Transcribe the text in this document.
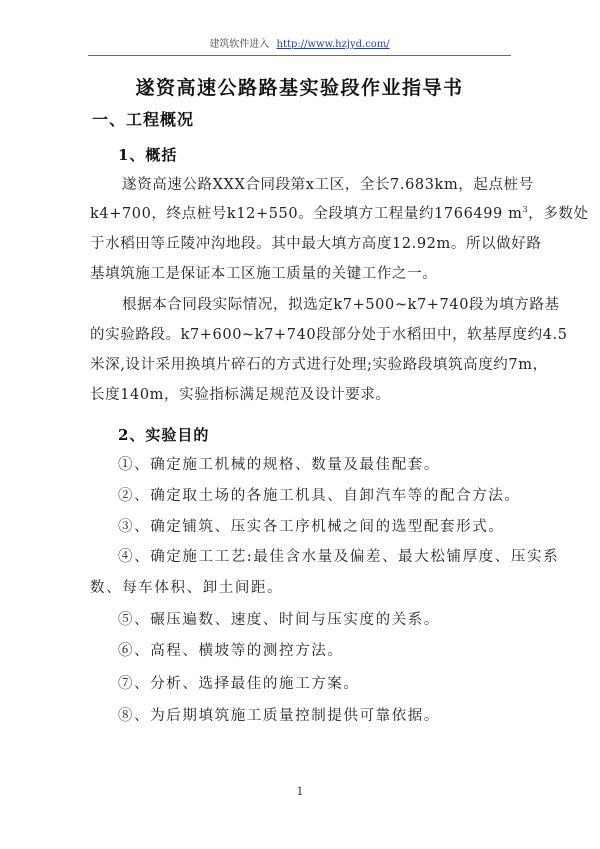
建筑软件进入 http://www.hzjyd.com/
遂资高速公路路基实验段作业指导书
一、工程概况
1、概括
遂资高速公路XXX合同段第x工区，全长7.683km，起点桩号
k4+700，终点桩号k12+550。全段填方工程量约1766499 $m^3$，多数处
于水稻田等丘陵冲沟地段。其中最大填方高度12.92m。所以做好路
基填筑施工是保证本工区施工质量的关键工作之一。
根据本合同段实际情况，拟选定k7+500~k7+740段为填方路基
的实验路段。k7+600~k7+740段部分处于水稻田中，软基厚度约4.5
米深,设计采用换填片碎石的方式进行处理;实验路段填筑高度约7m，
长度140m，实验指标满足规范及设计要求。
2、实验目的
①、确定施工机械的规格、数量及最佳配套。
②、确定取土场的各施工机具、自卸汽车等的配合方法。
③、确定铺筑、压实各工序机械之间的选型配套形式。
④、确定施工工艺:最佳含水量及偏差、最大松铺厚度、压实系
数、每车体积、卸土间距。
⑤、碾压遍数、速度、时间与压实度的关系。
⑥、高程、横坡等的测控方法。
⑦、分析、选择最佳的施工方案。
⑧、为后期填筑施工质量控制提供可靠依据。
1
